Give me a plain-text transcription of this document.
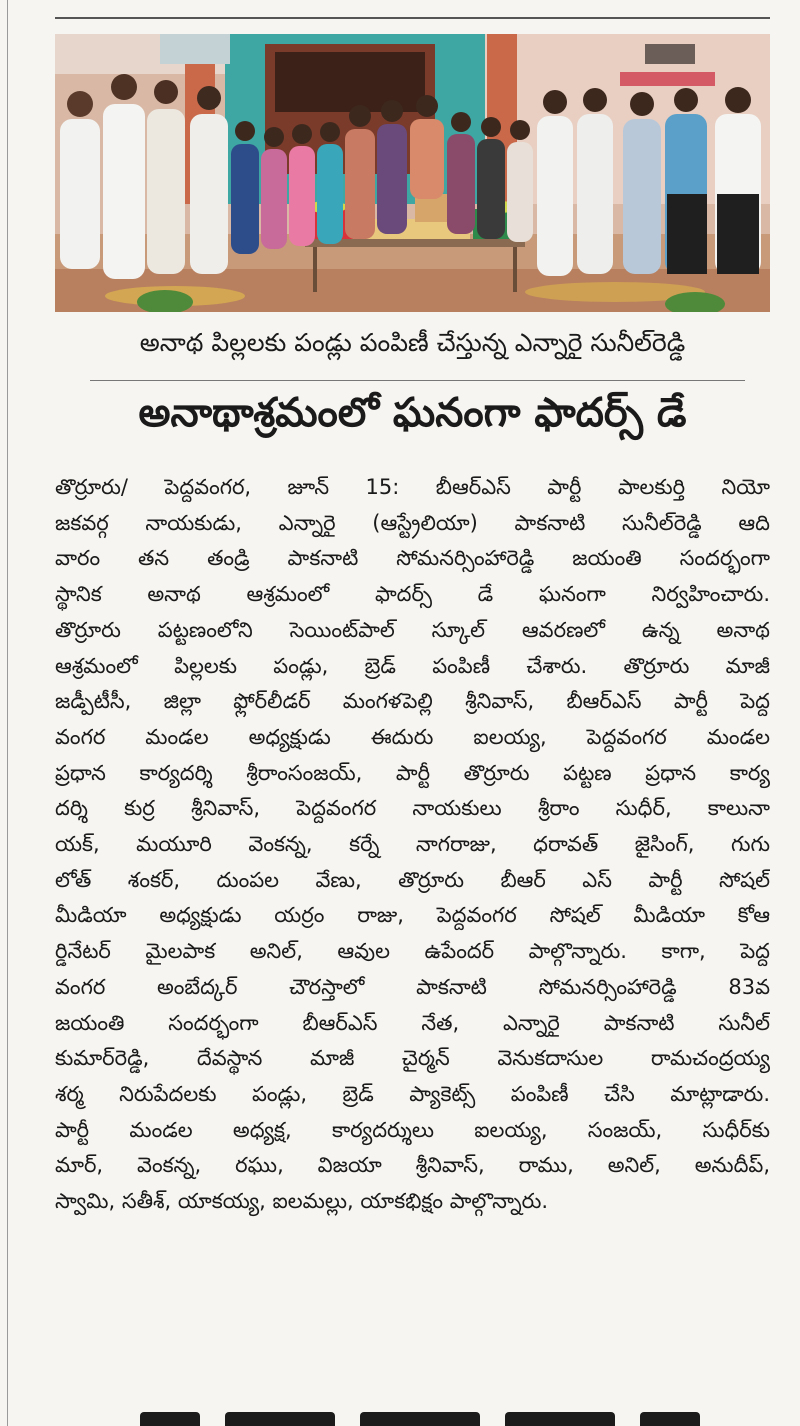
అనాథ పిల్లలకు పండ్లు పంపిణీ చేస్తున్న ఎన్నారై సునీల్‌రెడ్డి
అనాథాశ్రమంలో ఘనంగా ఫాదర్స్ డే
తొర్రూరు/ పెద్దవంగర, జూన్ 15: బీఆర్ఎస్ పార్టీ పాలకుర్తి నియో
జకవర్గ నాయకుడు, ఎన్నారై (ఆస్ట్రేలియా) పాకనాటి సునీల్‌రెడ్డి ఆది
వారం తన తండ్రి పాకనాటి సోమనర్సింహారెడ్డి జయంతి సందర్భంగా
స్థానిక అనాథ ఆశ్రమంలో ఫాదర్స్ డే ఘనంగా నిర్వహించారు.
తొర్రూరు పట్టణంలోని సెయింట్‌పాల్ స్కూల్ ఆవరణలో ఉన్న అనాథ
ఆశ్రమంలో పిల్లలకు పండ్లు, బ్రెడ్ పంపిణీ చేశారు. తొర్రూరు మాజీ
జడ్పీటీసీ, జిల్లా ఫ్లోర్‌లీడర్ మంగళపెల్లి శ్రీనివాస్, బీఆర్ఎస్ పార్టీ పెద్ద
వంగర మండల అధ్యక్షుడు ఈదురు ఐలయ్య, పెద్దవంగర మండల
ప్రధాన కార్యదర్శి శ్రీరాంసంజయ్, పార్టీ తొర్రూరు పట్టణ ప్రధాన కార్య
దర్శి కుర్ర శ్రీనివాస్, పెద్దవంగర నాయకులు శ్రీరాం సుధీర్, కాలునా
యక్, మయూరి వెంకన్న, కర్నే నాగరాజు, ధరావత్ జైసింగ్, గుగు
లోత్ శంకర్, దుంపల వేణు, తొర్రూరు బీఆర్ ఎస్ పార్టీ సోషల్
మీడియా అధ్యక్షుడు యర్రం రాజు, పెద్దవంగర సోషల్ మీడియా కోఆ
ర్డినేటర్ మైలపాక అనిల్, ఆవుల ఉపేందర్ పాల్గొన్నారు. కాగా, పెద్ద
వంగర అంబేద్కర్ చౌరస్తాలో పాకనాటి సోమనర్సింహారెడ్డి 83వ
జయంతి సందర్భంగా బీఆర్ఎస్ నేత, ఎన్నారై పాకనాటి సునీల్
కుమార్‌రెడ్డి, దేవస్థాన మాజీ చైర్మన్ వెనుకదాసుల రామచంద్రయ్య
శర్మ నిరుపేదలకు పండ్లు, బ్రెడ్ ప్యాకెట్స్ పంపిణీ చేసి మాట్లాడారు.
పార్టీ మండల అధ్యక్ష, కార్యదర్శులు ఐలయ్య, సంజయ్, సుధీర్‌కు
మార్, వెంకన్న, రఘు, విజయా శ్రీనివాస్, రాము, అనిల్, అనుదీప్,
స్వామి, సతీశ్, యాకయ్య, ఐలమల్లు, యాకభిక్షం పాల్గొన్నారు.
